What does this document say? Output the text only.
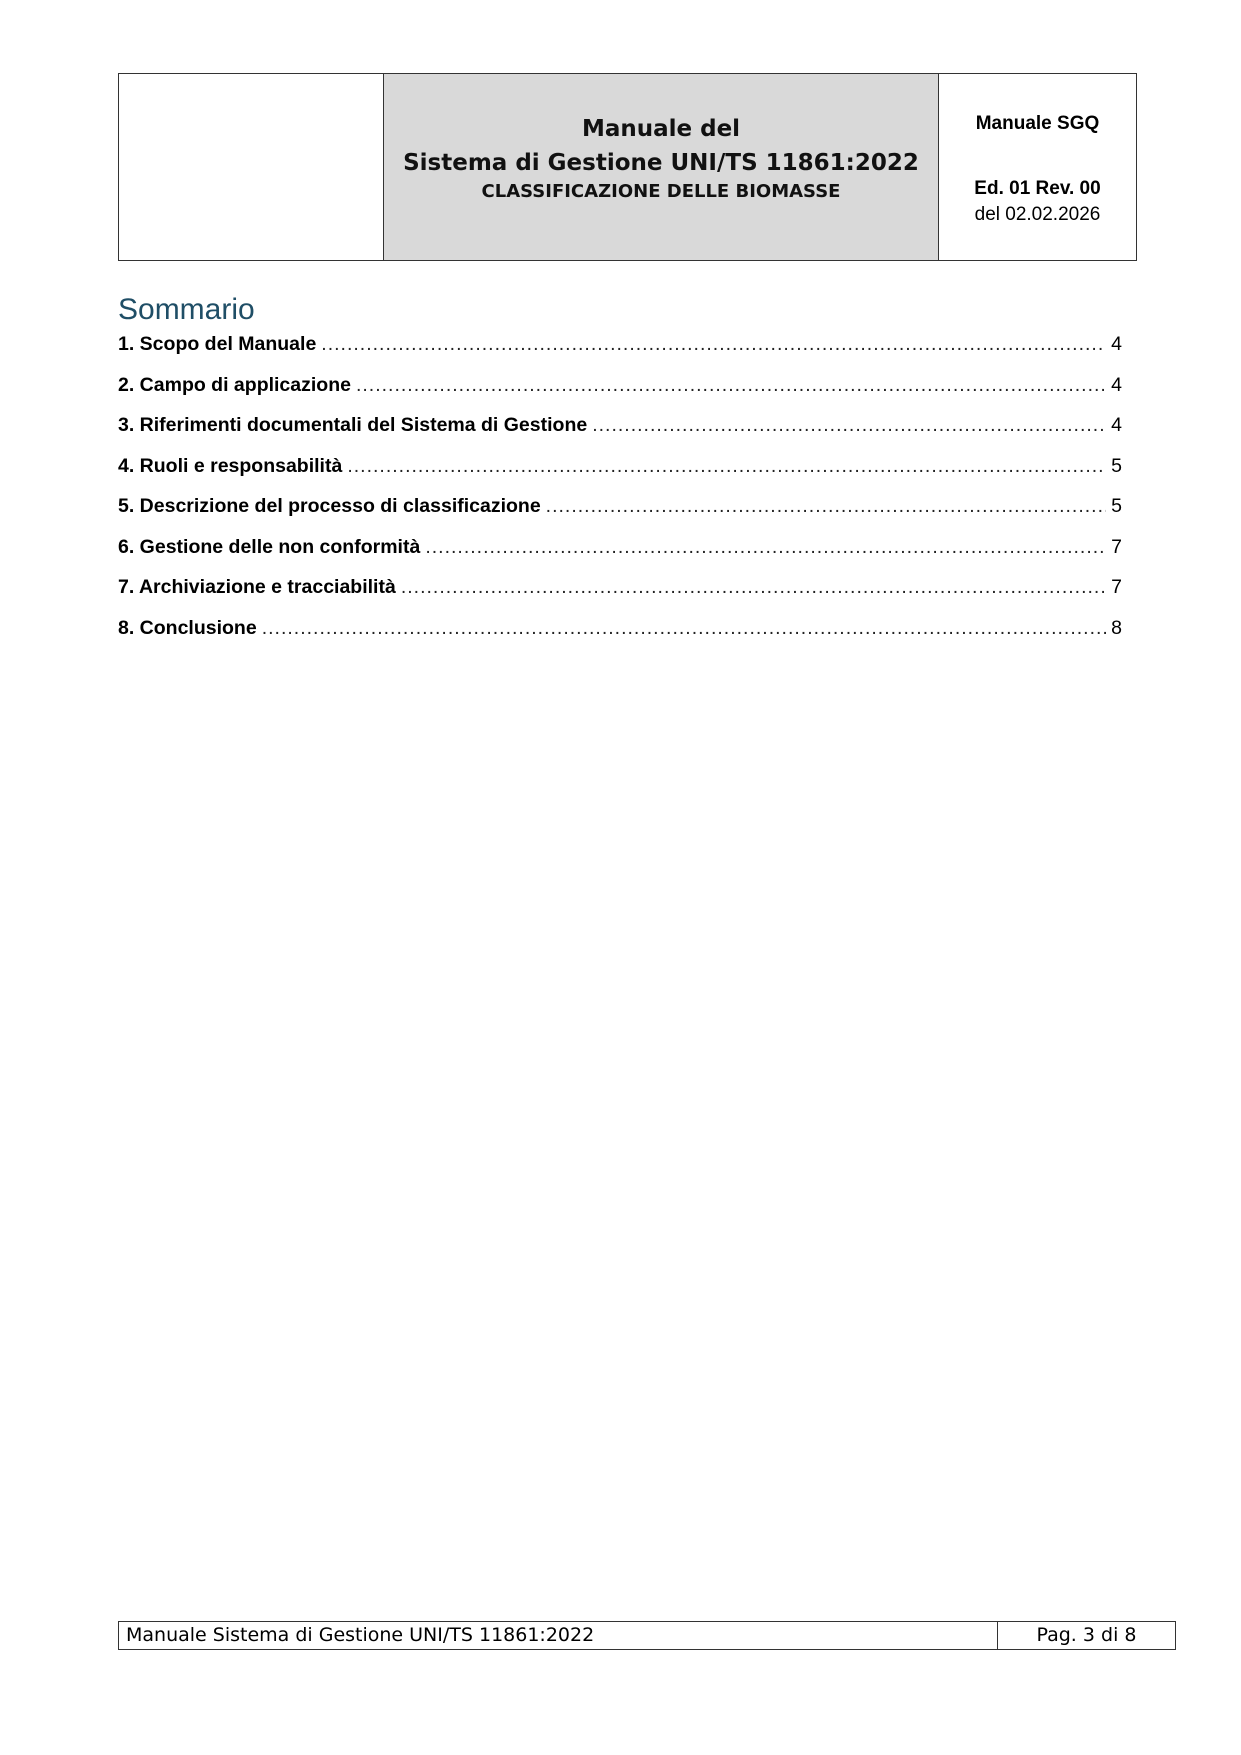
Manuale del
Sistema di Gestione UNI/TS 11861:2022
CLASSIFICAZIONE DELLE BIOMASSE
Manuale SGQ
Ed. 01 Rev. 00
del 02.02.2026
Sommario
1. Scopo del Manuale .....	4
2. Campo di applicazione .....	4
3. Riferimenti documentali del Sistema di Gestione .....	4
4. Ruoli e responsabilità .....	5
5. Descrizione del processo di classificazione .....	5
6. Gestione delle non conformità .....	7
7. Archiviazione e tracciabilità .....	7
8. Conclusione .....	8
Manuale Sistema di Gestione UNI/TS 11861:2022	Pag. 3 di 8
